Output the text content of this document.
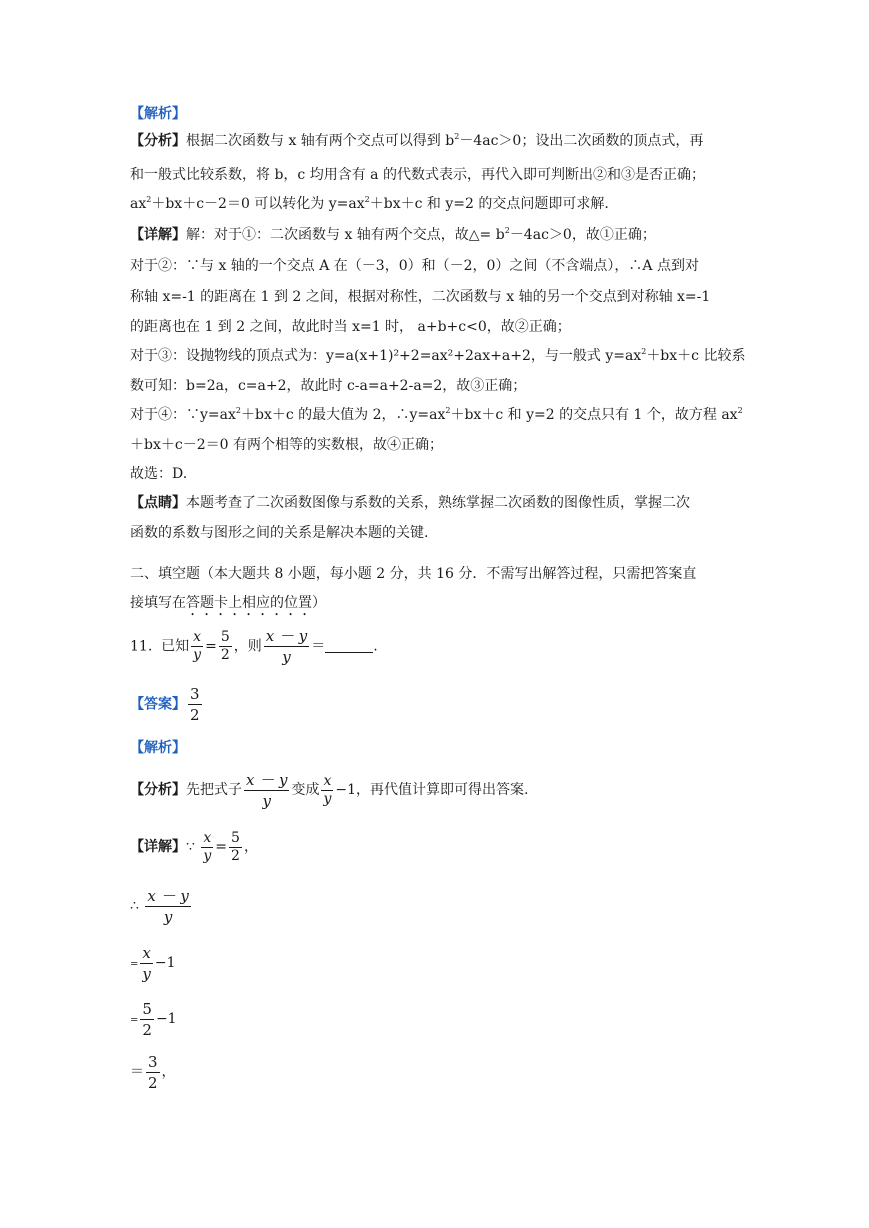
【解析】
【分析】根据二次函数与 x 轴有两个交点可以得到 $b^2-4ac>0$；设出二次函数的顶点式，再
和一般式比较系数，将 b，c 均用含有 a 的代数式表示，再代入即可判断出②和③是否正确；
$ax^2+bx+c-2=0$ 可以转化为 $y=ax^2+bx+c$ 和 y=2 的交点问题即可求解.
【详解】解：对于①：二次函数与 x 轴有两个交点，故△= $b^2-4ac>0$，故①正确；
对于②：∵与 x 轴的一个交点 A 在（－3，0）和（－2，0）之间（不含端点），∴A 点到对
称轴 x=-1 的距离在 1 到 2 之间，根据对称性，二次函数与 x 轴的另一个交点到对称轴 x=-1
的距离也在 1 到 2 之间，故此时当 x=1 时， a+b+c<0，故②正确；
对于③：设抛物线的顶点式为：y=a(x+1)²+2=ax²+2ax+a+2，与一般式 $y=ax^2+bx+c$ 比较系
数可知：b=2a，c=a+2，故此时 c-a=a+2-a=2，故③正确；
对于④：$\because y=ax^2+bx+c$ 的最大值为 2，$\therefore y=ax^2+bx+c$ 和 y=2 的交点只有 1 个，故方程 $ax^2$
＋bx＋c－2＝0 有两个相等的实数根，故④正确；
故选：D.
【点睛】本题考查了二次函数图像与系数的关系，熟练掌握二次函数的图像性质，掌握二次
函数的系数与图形之间的关系是解决本题的关键.
二、填空题（本大题共 8 小题，每小题 2 分，共 16 分．不需写出解答过程，只需把答案直
接填写在答题卡上相应的位置）
11. 已知 $\frac{x}{y} = \frac{5}{2}$ ，则 $\frac{x - y}{y}$ ＝	.
【答案】 $\frac{3}{2}$
【解析】
【分析】先把式子 $\frac{x - y}{y}$ 变成 $\frac{x}{y} -1$，再代值计算即可得出答案.
【详解】∵ $\frac{x}{y} = \frac{5}{2}$ ，
∴ $\frac{x - y}{y}$
= $\frac{x}{y} -1$
= $\frac{5}{2} -1$
＝ $\frac{3}{2}$ ，
